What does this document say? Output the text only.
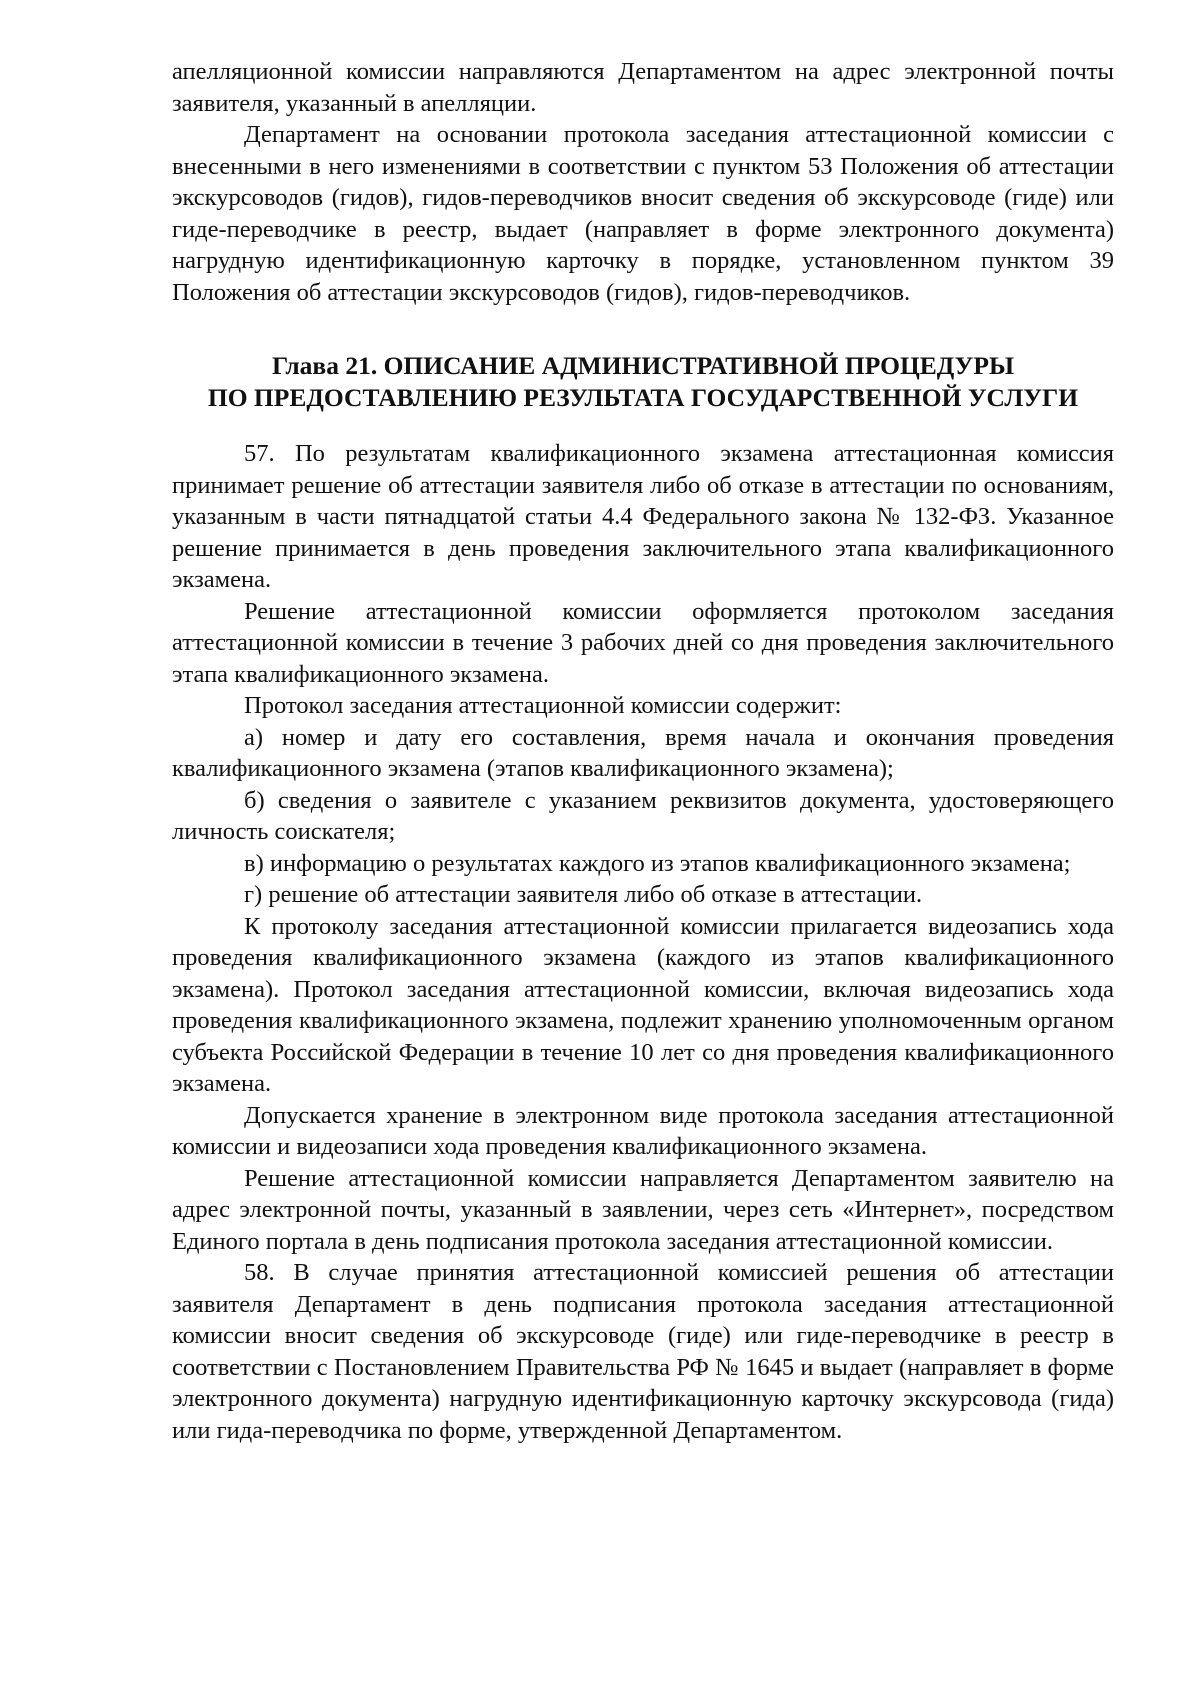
апелляционной комиссии направляются Департаментом на адрес электронной почты заявителя, указанный в апелляции.

Департамент на основании протокола заседания аттестационной комиссии с внесенными в него изменениями в соответствии с пунктом 53 Положения об аттестации экскурсоводов (гидов), гидов-переводчиков вносит сведения об экскурсоводе (гиде) или гиде-переводчике в реестр, выдает (направляет в форме электронного документа) нагрудную идентификационную карточку в порядке, установленном пунктом 39 Положения об аттестации экскурсоводов (гидов), гидов-переводчиков.

Глава 21. ОПИСАНИЕ АДМИНИСТРАТИВНОЙ ПРОЦЕДУРЫ
ПО ПРЕДОСТАВЛЕНИЮ РЕЗУЛЬТАТА ГОСУДАРСТВЕННОЙ УСЛУГИ

57. По результатам квалификационного экзамена аттестационная комиссия принимает решение об аттестации заявителя либо об отказе в аттестации по основаниям, указанным в части пятнадцатой статьи 4.4 Федерального закона № 132-ФЗ. Указанное решение принимается в день проведения заключительного этапа квалификационного экзамена.

Решение аттестационной комиссии оформляется протоколом заседания аттестационной комиссии в течение 3 рабочих дней со дня проведения заключительного этапа квалификационного экзамена.

Протокол заседания аттестационной комиссии содержит:

а) номер и дату его составления, время начала и окончания проведения квалификационного экзамена (этапов квалификационного экзамена);

б) сведения о заявителе с указанием реквизитов документа, удостоверяющего личность соискателя;

в) информацию о результатах каждого из этапов квалификационного экзамена;

г) решение об аттестации заявителя либо об отказе в аттестации.

К протоколу заседания аттестационной комиссии прилагается видеозапись хода проведения квалификационного экзамена (каждого из этапов квалификационного экзамена). Протокол заседания аттестационной комиссии, включая видеозапись хода проведения квалификационного экзамена, подлежит хранению уполномоченным органом субъекта Российской Федерации в течение 10 лет со дня проведения квалификационного экзамена.

Допускается хранение в электронном виде протокола заседания аттестационной комиссии и видеозаписи хода проведения квалификационного экзамена.

Решение аттестационной комиссии направляется Департаментом заявителю на адрес электронной почты, указанный в заявлении, через сеть «Интернет», посредством Единого портала в день подписания протокола заседания аттестационной комиссии.

58. В случае принятия аттестационной комиссией решения об аттестации заявителя Департамент в день подписания протокола заседания аттестационной комиссии вносит сведения об экскурсоводе (гиде) или гиде-переводчике в реестр в соответствии с Постановлением Правительства РФ № 1645 и выдает (направляет в форме электронного документа) нагрудную идентификационную карточку экскурсовода (гида) или гида-переводчика по форме, утвержденной Департаментом.
